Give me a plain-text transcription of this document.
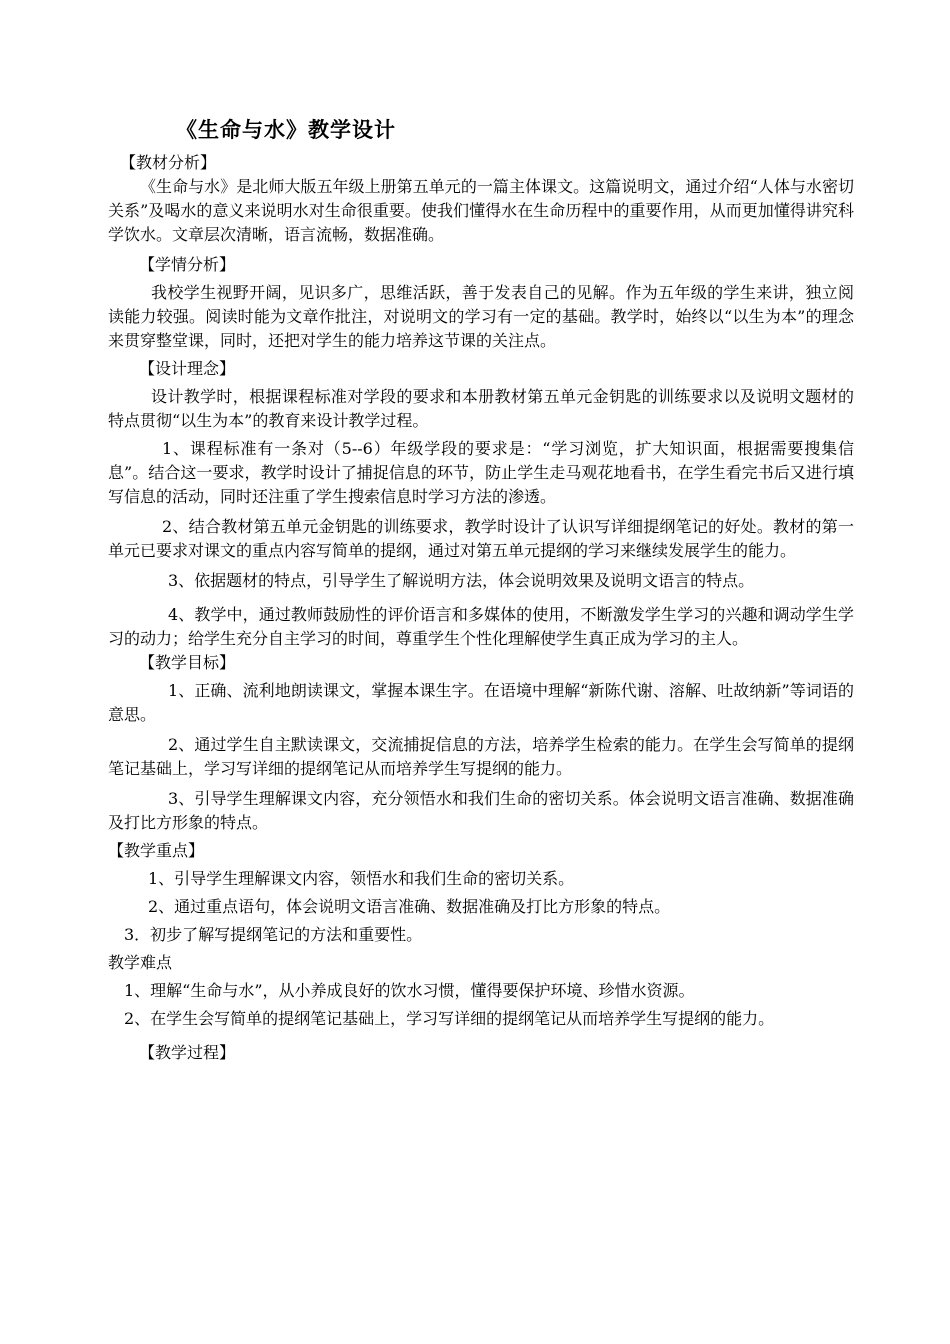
《生命与水》教学设计

【教材分析】

《生命与水》是北师大版五年级上册第五单元的一篇主体课文。这篇说明文，通过介绍“人体与水密切关系”及喝水的意义来说明水对生命很重要。使我们懂得水在生命历程中的重要作用，从而更加懂得讲究科学饮水。文章层次清晰，语言流畅，数据准确。

【学情分析】

我校学生视野开阔，见识多广，思维活跃，善于发表自己的见解。作为五年级的学生来讲，独立阅读能力较强。阅读时能为文章作批注，对说明文的学习有一定的基础。教学时，始终以“以生为本”的理念来贯穿整堂课，同时，还把对学生的能力培养这节课的关注点。

【设计理念】

设计教学时，根据课程标准对学段的要求和本册教材第五单元金钥匙的训练要求以及说明文题材的特点贯彻“以生为本”的教育来设计教学过程。

1、课程标准有一条对（5--6）年级学段的要求是：“学习浏览，扩大知识面，根据需要搜集信息”。结合这一要求，教学时设计了捕捉信息的环节，防止学生走马观花地看书，在学生看完书后又进行填写信息的活动，同时还注重了学生搜索信息时学习方法的渗透。

2、结合教材第五单元金钥匙的训练要求，教学时设计了认识写详细提纲笔记的好处。教材的第一单元已要求对课文的重点内容写简单的提纲，通过对第五单元提纲的学习来继续发展学生的能力。

3、依据题材的特点，引导学生了解说明方法，体会说明效果及说明文语言的特点。

4、教学中，通过教师鼓励性的评价语言和多媒体的使用，不断激发学生学习的兴趣和调动学生学习的动力；给学生充分自主学习的时间，尊重学生个性化理解使学生真正成为学习的主人。

【教学目标】

1、正确、流利地朗读课文，掌握本课生字。在语境中理解“新陈代谢、溶解、吐故纳新”等词语的意思。

2、通过学生自主默读课文，交流捕捉信息的方法，培养学生检索的能力。在学生会写简单的提纲笔记基础上，学习写详细的提纲笔记从而培养学生写提纲的能力。

3、引导学生理解课文内容，充分领悟水和我们生命的密切关系。体会说明文语言准确、数据准确及打比方形象的特点。

【教学重点】

1、引导学生理解课文内容，领悟水和我们生命的密切关系。

2、通过重点语句，体会说明文语言准确、数据准确及打比方形象的特点。

3．初步了解写提纲笔记的方法和重要性。

教学难点

1、理解“生命与水”，从小养成良好的饮水习惯，懂得要保护环境、珍惜水资源。

2、在学生会写简单的提纲笔记基础上，学习写详细的提纲笔记从而培养学生写提纲的能力。

【教学过程】
